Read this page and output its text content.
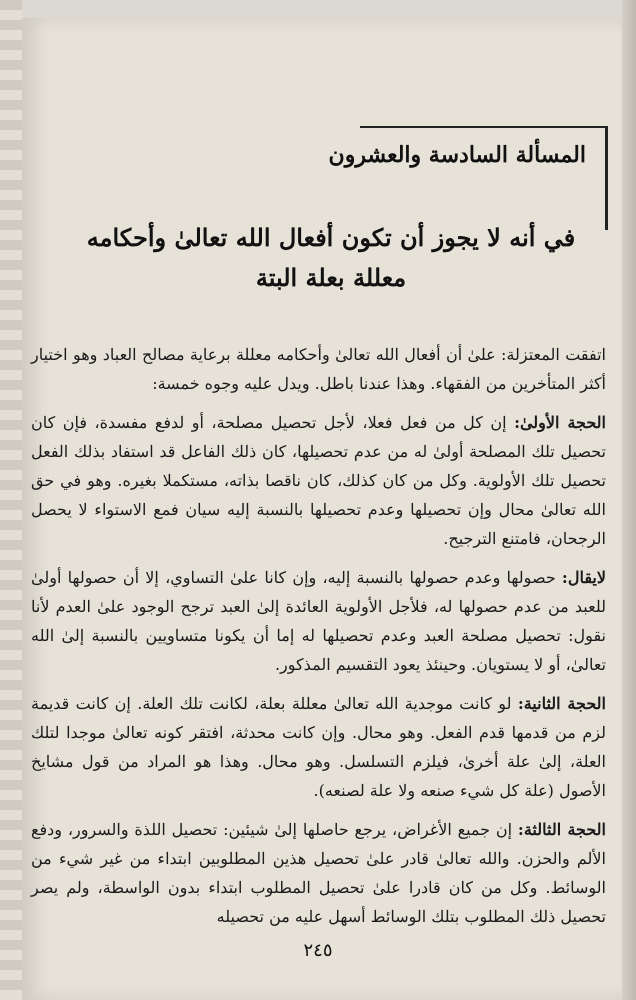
المسألة السادسة والعشرون
في أنه لا يجوز أن تكون أفعال الله تعالىٰ وأحكامه معللة بعلة البتة

اتفقت المعتزلة: علىٰ أن أفعال الله تعالىٰ وأحكامه معللة برعاية مصالح العباد وهو اختيار أكثر المتأخرين من الفقهاء. وهذا عندنا باطل. ويدل عليه وجوه خمسة:

الحجة الأولىٰ: إن كل من فعل فعلا، لأجل تحصيل مصلحة، أو لدفع مفسدة، فإن كان تحصيل تلك المصلحة أولىٰ له من عدم تحصيلها، كان ذلك الفاعل قد استفاد بذلك الفعل تحصيل تلك الأولوية. وكل من كان كذلك، كان ناقصا بذاته، مستكملا بغيره. وهو في حق الله تعالىٰ محال وإن تحصيلها وعدم تحصيلها بالنسبة إليه سيان فمع الاستواء لا يحصل الرجحان، فامتنع الترجيح.

لايقال: حصولها وعدم حصولها بالنسبة إليه، وإن كانا علىٰ التساوي، إلا أن حصولها أولىٰ للعبد من عدم حصولها له، فلأجل الأولوية العائدة إلىٰ العبد ترجح الوجود علىٰ العدم لأنا نقول: تحصيل مصلحة العبد وعدم تحصيلها له إما أن يكونا متساويين بالنسبة إلىٰ الله تعالىٰ، أو لا يستويان. وحينئذ يعود التقسيم المذكور.

الحجة الثانية: لو كانت موجدية الله تعالىٰ معللة بعلة، لكانت تلك العلة. إن كانت قديمة لزم من قدمها قدم الفعل. وهو محال. وإن كانت محدثة، افتقر كونه تعالىٰ موجدا لتلك العلة، إلىٰ علة أخرىٰ، فيلزم التسلسل. وهو محال. وهذا هو المراد من قول مشايخ الأصول (علة كل شيء صنعه ولا علة لصنعه).

الحجة الثالثة: إن جميع الأغراض، يرجع حاصلها إلىٰ شيئين: تحصيل اللذة والسرور، ودفع الألم والحزن. والله تعالىٰ قادر علىٰ تحصيل هذين المطلوبين ابتداء من غير شيء من الوسائط. وكل من كان قادرا علىٰ تحصيل المطلوب ابتداء بدون الواسطة، ولم يصر تحصيل ذلك المطلوب بتلك الوسائط أسهل عليه من تحصيله

٢٤٥
